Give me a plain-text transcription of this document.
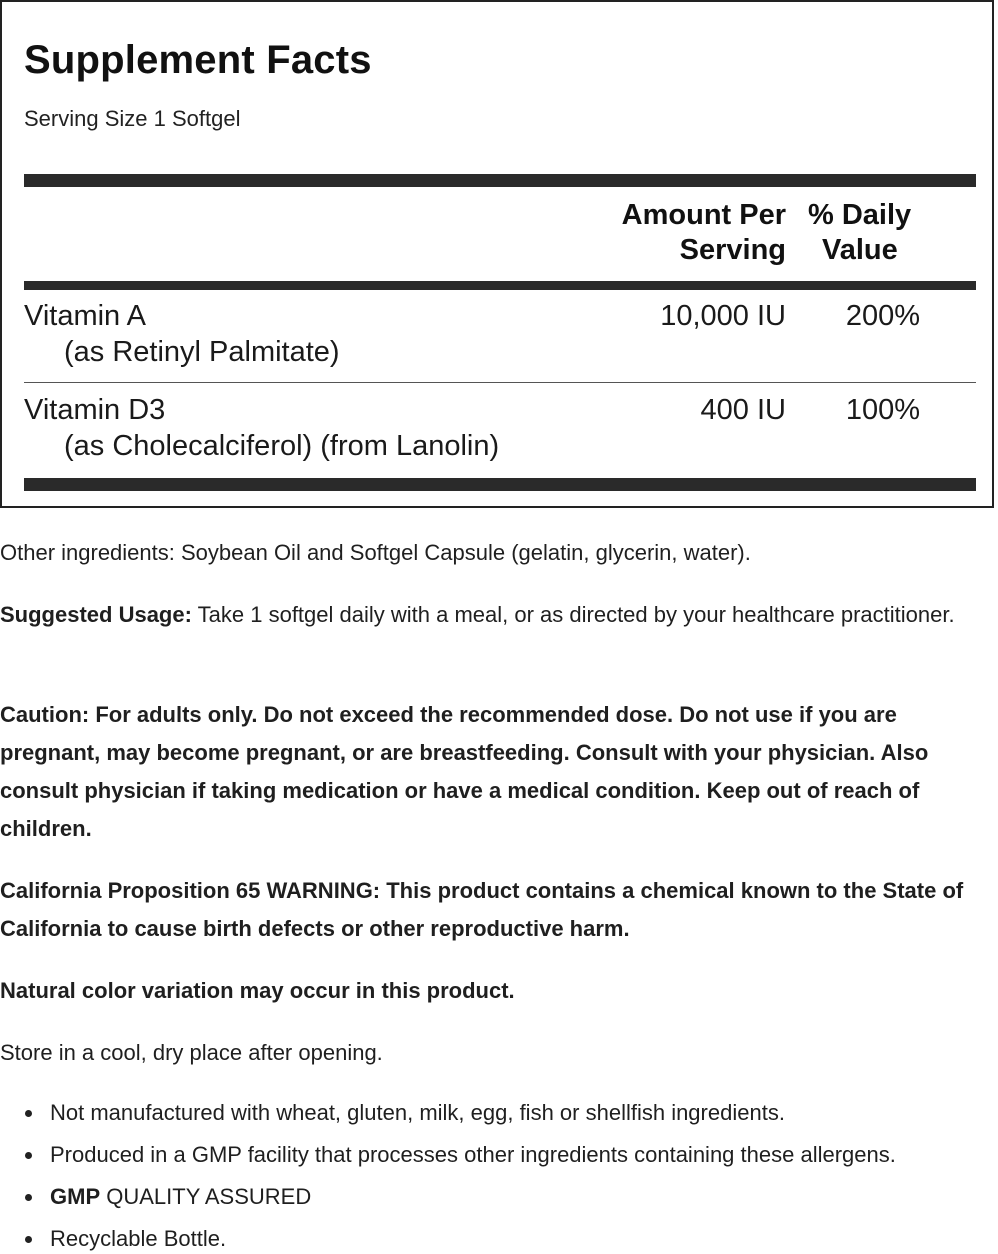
Supplement Facts
Serving Size 1 Softgel
Amount Per
Serving
% Daily
Value
Vitamin A
(as Retinyl Palmitate)
10,000 IU	200%
Vitamin D3
(as Cholecalciferol) (from Lanolin)
400 IU	100%
Other ingredients: Soybean Oil and Softgel Capsule (gelatin, glycerin, water).
Suggested Usage: Take 1 softgel daily with a meal, or as directed by your healthcare practitioner.
Caution: For adults only. Do not exceed the recommended dose. Do not use if you are pregnant, may become pregnant, or are breastfeeding. Consult with your physician. Also consult physician if taking medication or have a medical condition. Keep out of reach of children.
California Proposition 65 WARNING: This product contains a chemical known to the State of California to cause birth defects or other reproductive harm.
Natural color variation may occur in this product.
Store in a cool, dry place after opening.
Not manufactured with wheat, gluten, milk, egg, fish or shellfish ingredients.
Produced in a GMP facility that processes other ingredients containing these allergens.
GMP QUALITY ASSURED
Recyclable Bottle.
